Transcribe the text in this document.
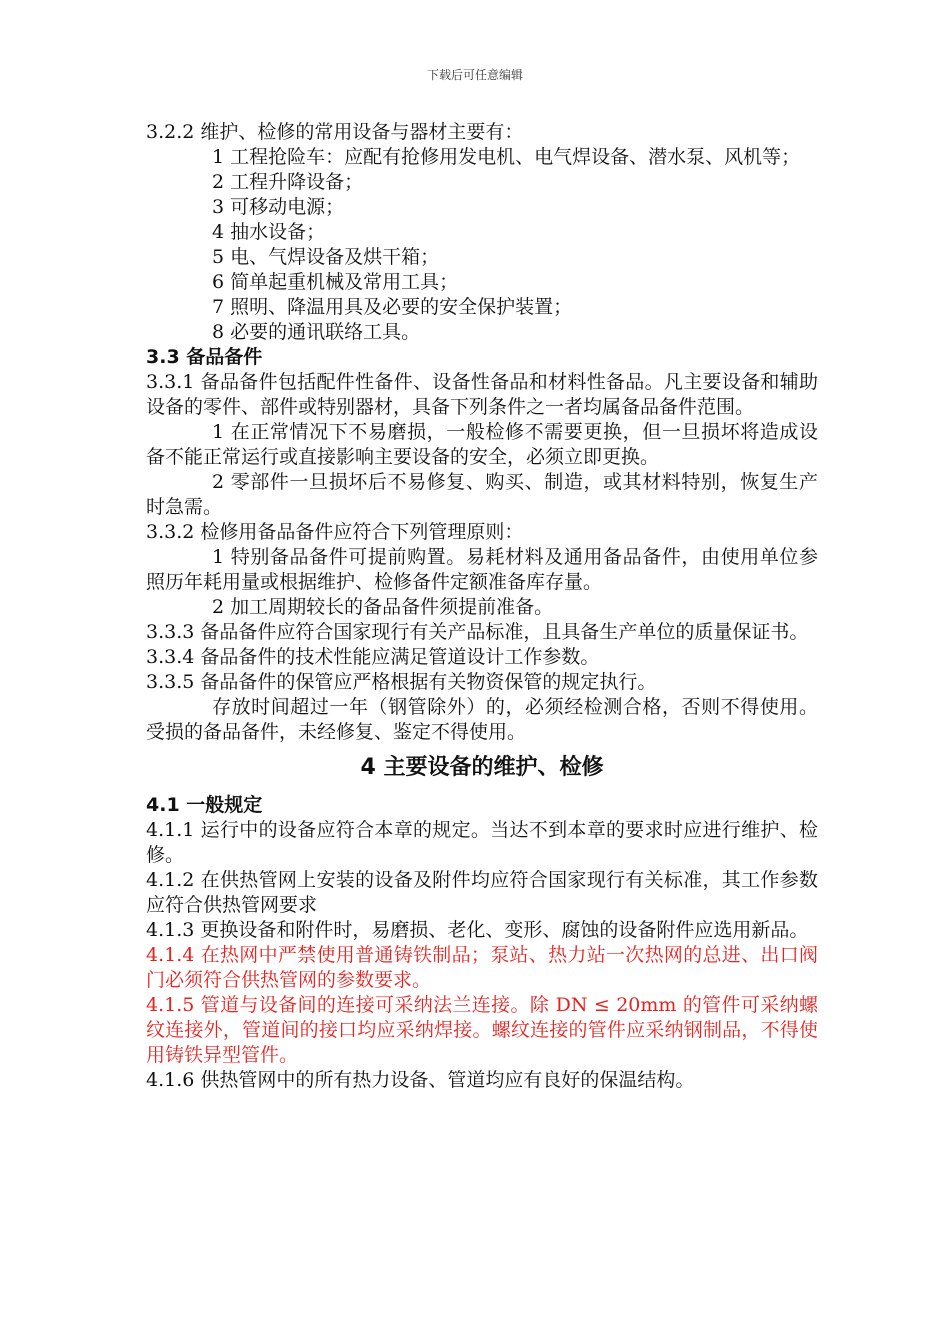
下载后可任意编辑

3.2.2 维护、检修的常用设备与器材主要有：

1 工程抢险车：应配有抢修用发电机、电气焊设备、潜水泵、风机等；

2 工程升降设备；

3 可移动电源；

4 抽水设备；

5 电、气焊设备及烘干箱；

6 简单起重机械及常用工具；

7 照明、降温用具及必要的安全保护装置；

8 必要的通讯联络工具。

3.3 备品备件

3.3.1 备品备件包括配件性备件、设备性备品和材料性备品。凡主要设备和辅助设备的零件、部件或特别器材，具备下列条件之一者均属备品备件范围。

1 在正常情况下不易磨损，一般检修不需要更换，但一旦损坏将造成设备不能正常运行或直接影响主要设备的安全，必须立即更换。

2 零部件一旦损坏后不易修复、购买、制造，或其材料特别，恢复生产时急需。

3.3.2 检修用备品备件应符合下列管理原则：

1 特别备品备件可提前购置。易耗材料及通用备品备件，由使用单位参照历年耗用量或根据维护、检修备件定额准备库存量。

2 加工周期较长的备品备件须提前准备。

3.3.3 备品备件应符合国家现行有关产品标准，且具备生产单位的质量保证书。

3.3.4 备品备件的技术性能应满足管道设计工作参数。

3.3.5 备品备件的保管应严格根据有关物资保管的规定执行。

存放时间超过一年（钢管除外）的，必须经检测合格，否则不得使用。受损的备品备件，未经修复、鉴定不得使用。

4 主要设备的维护、检修

4.1 一般规定

4.1.1 运行中的设备应符合本章的规定。当达不到本章的要求时应进行维护、检修。

4.1.2 在供热管网上安装的设备及附件均应符合国家现行有关标准，其工作参数应符合供热管网要求

4.1.3 更换设备和附件时，易磨损、老化、变形、腐蚀的设备附件应选用新品。

4.1.4 在热网中严禁使用普通铸铁制品；泵站、热力站一次热网的总进、出口阀门必须符合供热管网的参数要求。

4.1.5 管道与设备间的连接可采纳法兰连接。除 DN ≤ 20mm 的管件可采纳螺纹连接外，管道间的接口均应采纳焊接。螺纹连接的管件应采纳钢制品，不得使用铸铁异型管件。

4.1.6 供热管网中的所有热力设备、管道均应有良好的保温结构。
